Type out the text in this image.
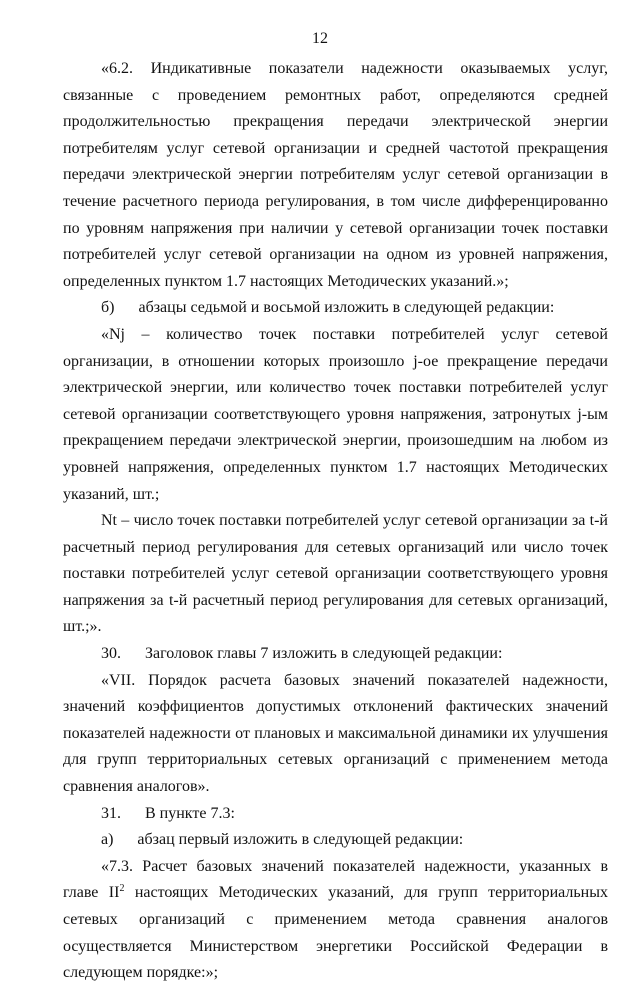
12

«6.2. Индикативные показатели надежности оказываемых услуг, связанные с проведением ремонтных работ, определяются средней продолжительностью прекращения передачи электрической энергии потребителям услуг сетевой организации и средней частотой прекращения передачи электрической энергии потребителям услуг сетевой организации в течение расчетного периода регулирования, в том числе дифференцированно по уровням напряжения при наличии у сетевой организации точек поставки потребителей услуг сетевой организации на одном из уровней напряжения, определенных пунктом 1.7 настоящих Методических указаний.»;

б)      абзацы седьмой и восьмой изложить в следующей редакции:

«Nj – количество точек поставки потребителей услуг сетевой организации, в отношении которых произошло j-ое прекращение передачи электрической энергии, или количество точек поставки потребителей услуг сетевой организации соответствующего уровня напряжения, затронутых j-ым прекращением передачи электрической энергии, произошедшим на любом из уровней напряжения, определенных пунктом 1.7 настоящих Методических указаний, шт.;

Nt – число точек поставки потребителей услуг сетевой организации за t-й расчетный период регулирования для сетевых организаций или число точек поставки потребителей услуг сетевой организации соответствующего уровня напряжения за t-й расчетный период регулирования для сетевых организаций, шт.;».

30.      Заголовок главы 7 изложить в следующей редакции:

«VII. Порядок расчета базовых значений показателей надежности, значений коэффициентов допустимых отклонений фактических значений показателей надежности от плановых и максимальной динамики их улучшения для групп территориальных сетевых организаций с применением метода сравнения аналогов».

31.      В пункте 7.3:

а)      абзац первый изложить в следующей редакции:

«7.3. Расчет базовых значений показателей надежности, указанных в главе $II^2$ настоящих Методических указаний, для групп территориальных сетевых организаций с применением метода сравнения аналогов осуществляется Министерством энергетики Российской Федерации в следующем порядке:»;
